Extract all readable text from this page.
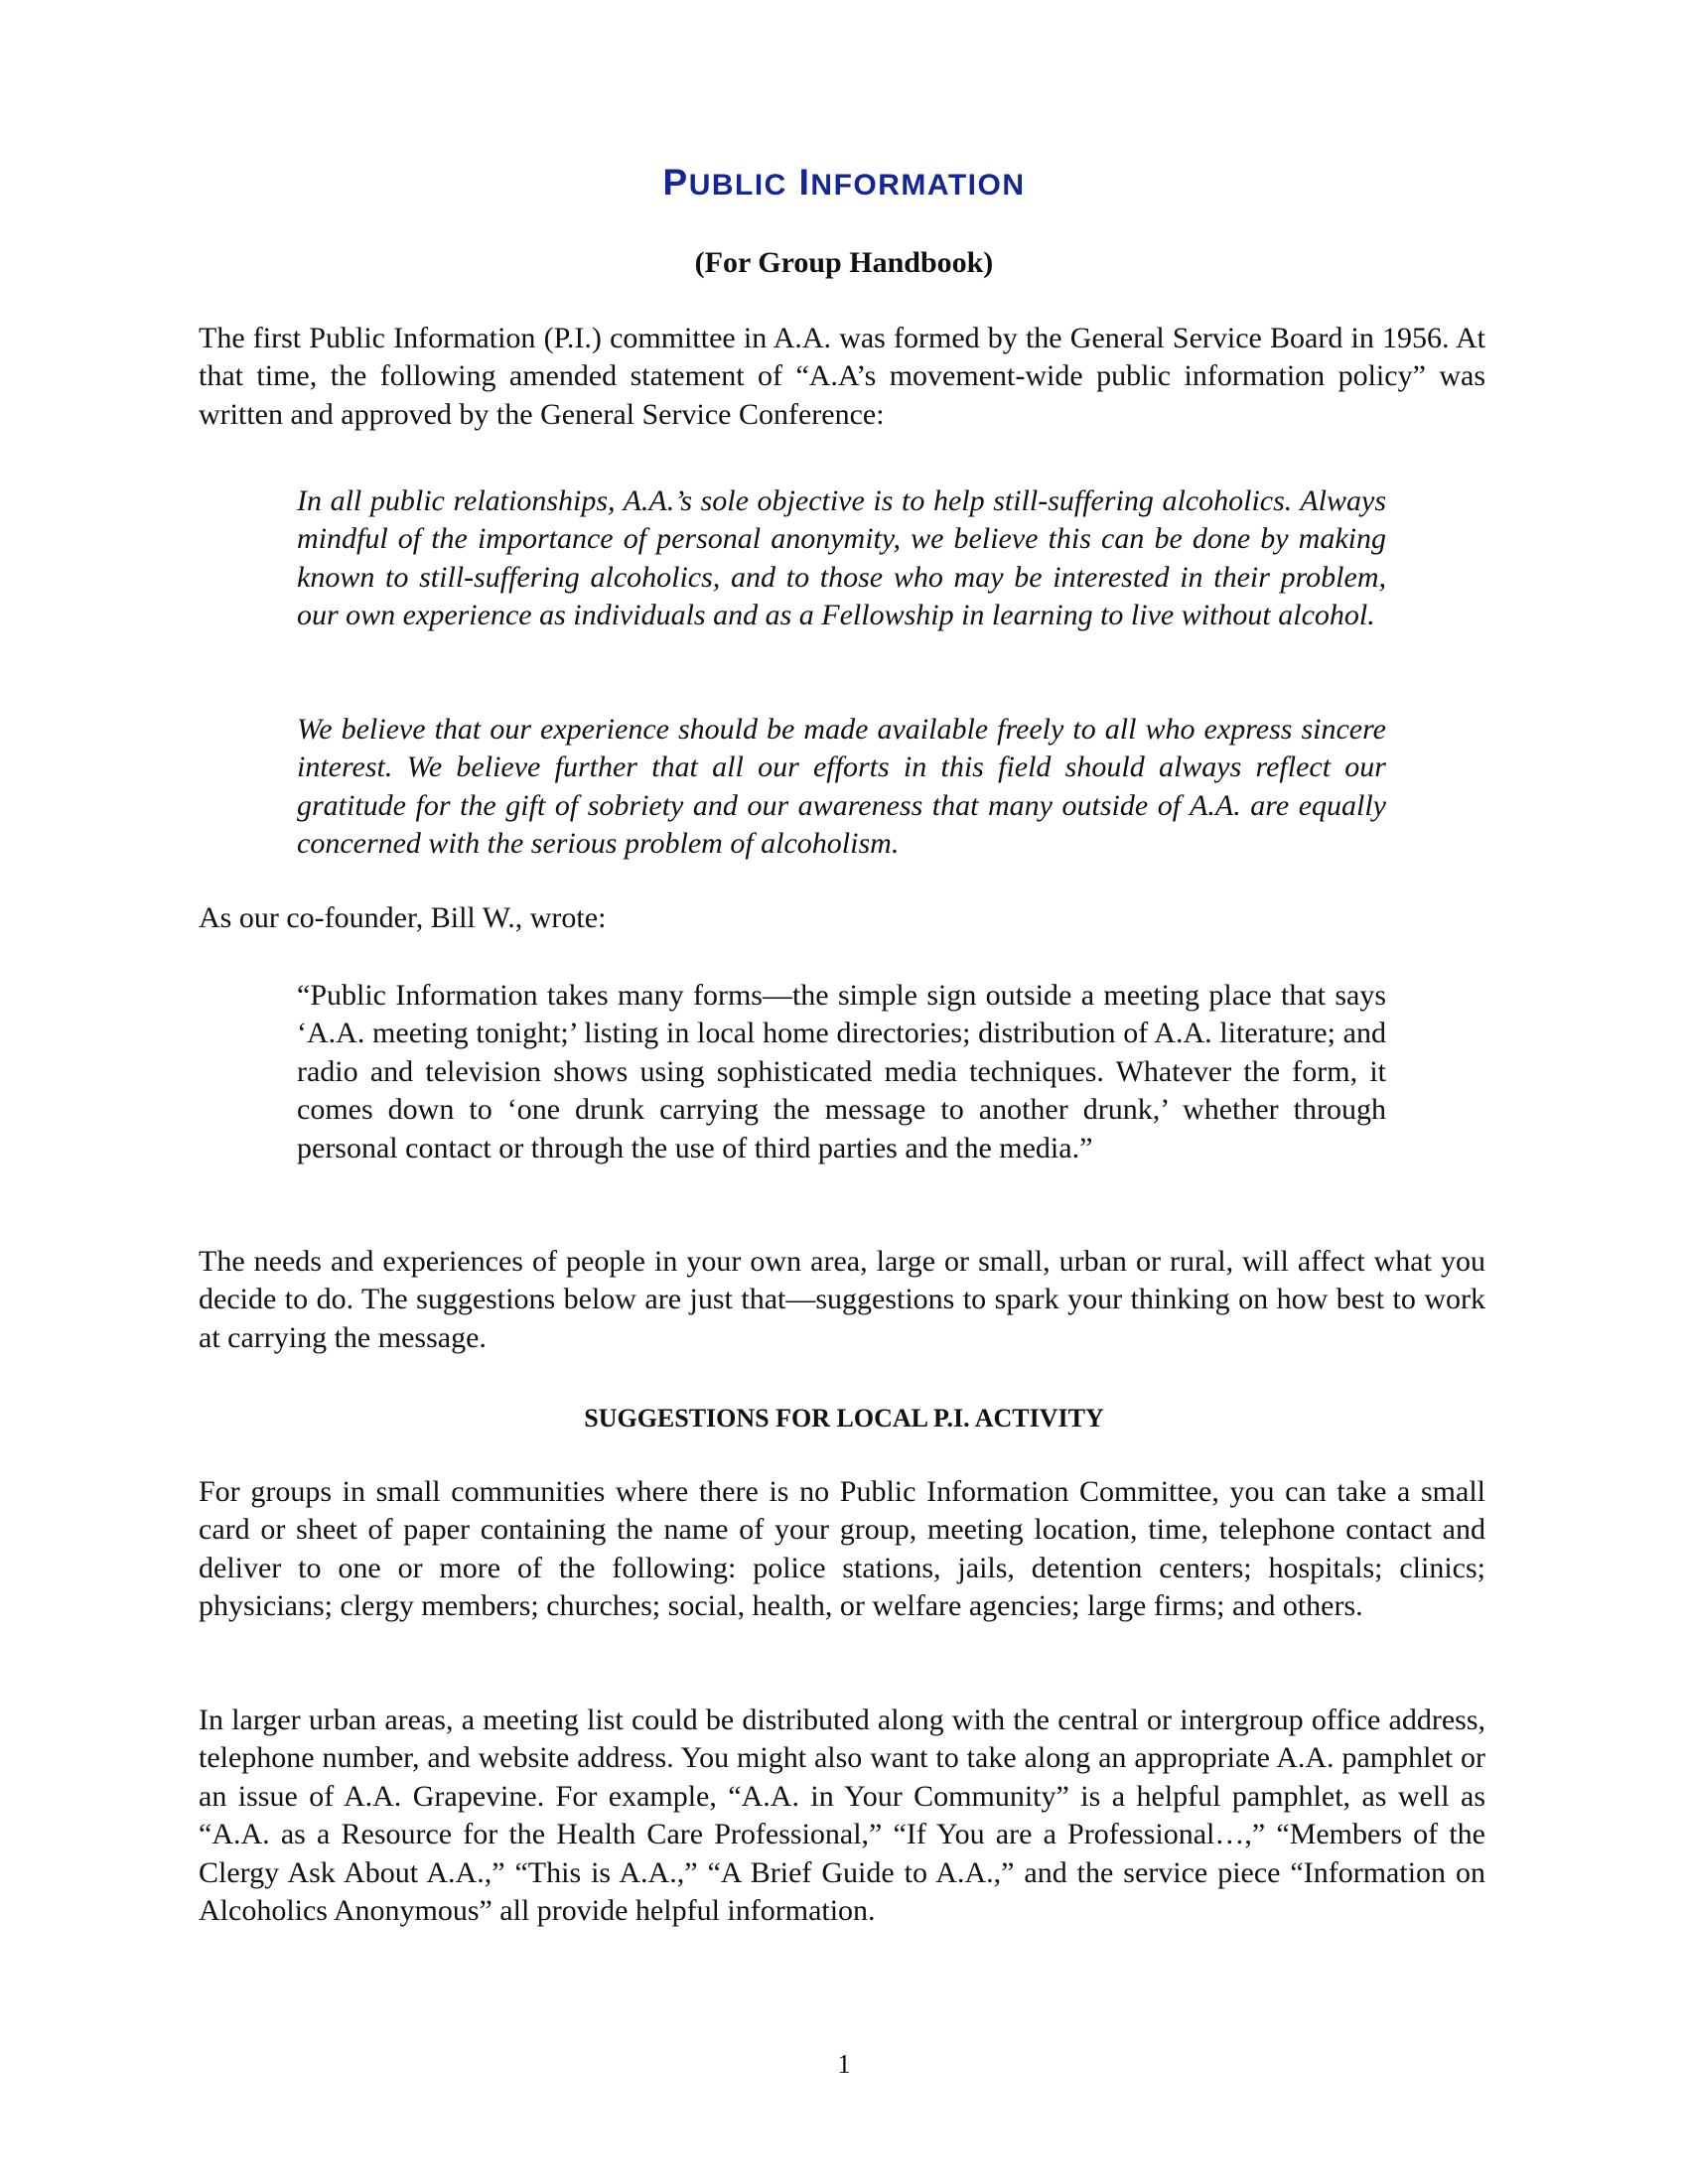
PUBLIC INFORMATION

(For Group Handbook)

The first Public Information (P.I.) committee in A.A. was formed by the General Service Board in 1956. At that time, the following amended statement of “A.A’s movement-wide public information policy” was written and approved by the General Service Conference:

In all public relationships, A.A.’s sole objective is to help still-suffering alcoholics. Always mindful of the importance of personal anonymity, we believe this can be done by making known to still-suffering alcoholics, and to those who may be interested in their problem, our own experience as individuals and as a Fellowship in learning to live without alcohol.

We believe that our experience should be made available freely to all who express sincere interest. We believe further that all our efforts in this field should always reflect our gratitude for the gift of sobriety and our awareness that many outside of A.A. are equally concerned with the serious problem of alcoholism.

As our co-founder, Bill W., wrote:

“Public Information takes many forms—the simple sign outside a meeting place that says ‘A.A. meeting tonight;’ listing in local home directories; distribution of A.A. literature; and radio and television shows using sophisticated media techniques. Whatever the form, it comes down to ‘one drunk carrying the message to another drunk,’ whether through personal contact or through the use of third parties and the media.”

The needs and experiences of people in your own area, large or small, urban or rural, will affect what you decide to do. The suggestions below are just that—suggestions to spark your thinking on how best to work at carrying the message.

SUGGESTIONS FOR LOCAL P.I. ACTIVITY

For groups in small communities where there is no Public Information Committee, you can take a small card or sheet of paper containing the name of your group, meeting location, time, telephone contact and deliver to one or more of the following: police stations, jails, detention centers; hospitals; clinics; physicians; clergy members; churches; social, health, or welfare agencies; large firms; and others.

In larger urban areas, a meeting list could be distributed along with the central or intergroup office address, telephone number, and website address. You might also want to take along an appropriate A.A. pamphlet or an issue of A.A. Grapevine. For example, “A.A. in Your Community” is a helpful pamphlet, as well as “A.A. as a Resource for the Health Care Professional,” “If You are a Professional…,” “Members of the Clergy Ask About A.A.,” “This is A.A.,” “A Brief Guide to A.A.,” and the service piece “Information on Alcoholics Anonymous” all provide helpful information.

1
